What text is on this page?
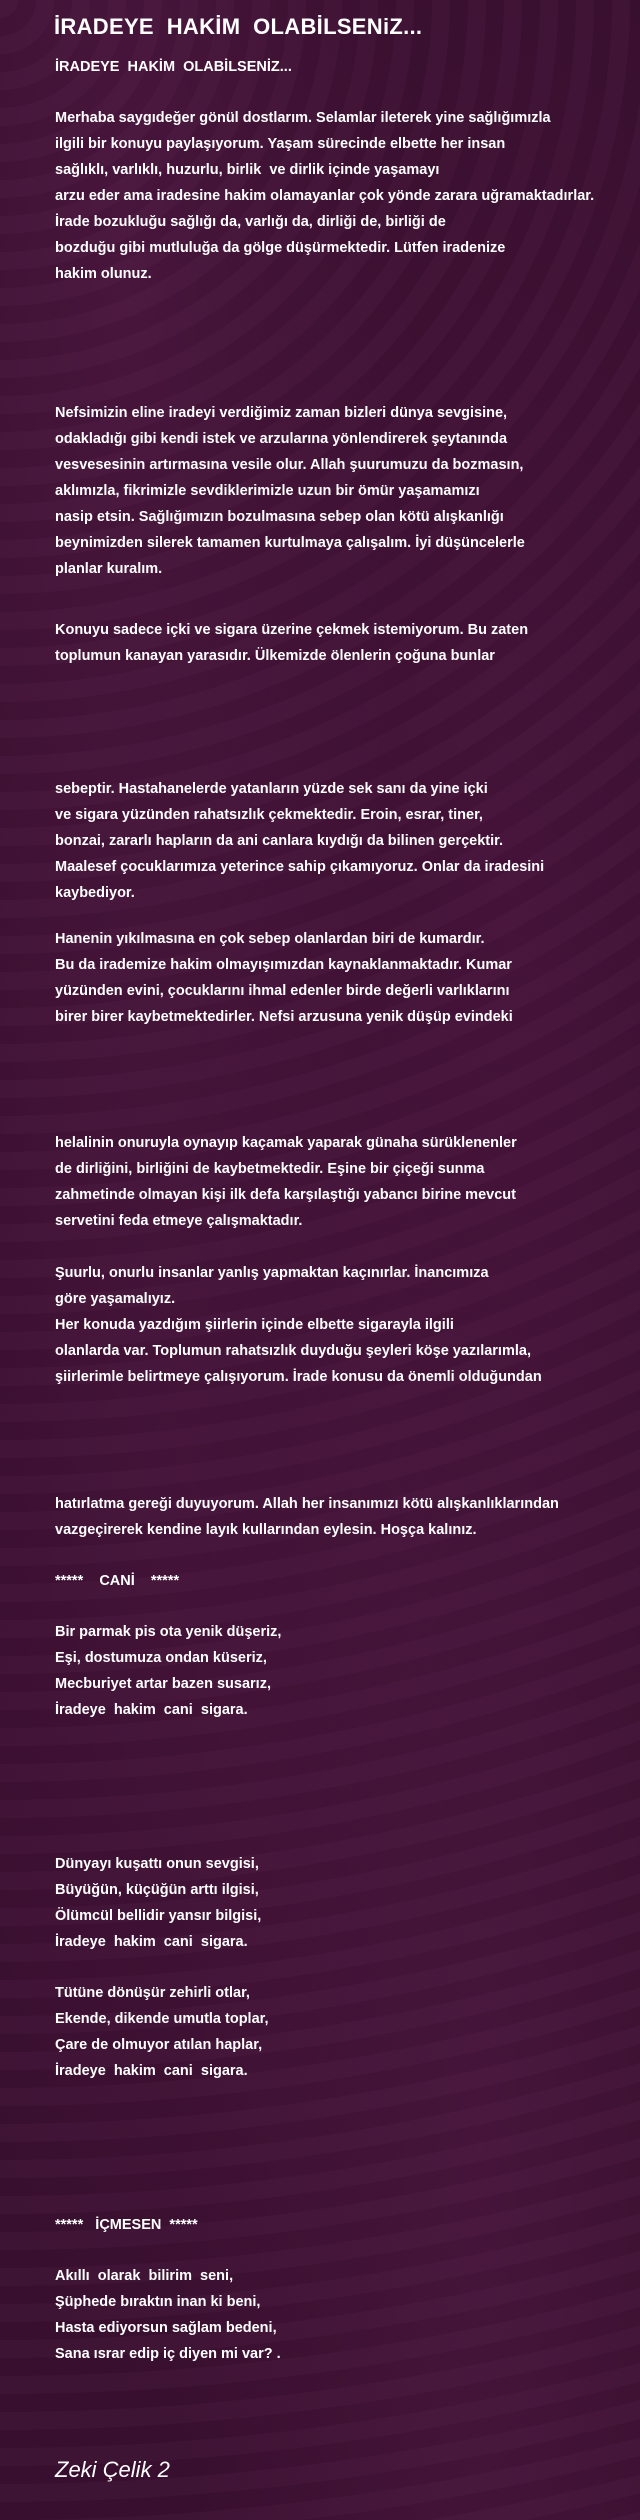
İRADEYE  HAKİM  OLABİLSENiZ...

İRADEYE  HAKİM  OLABİLSENİZ...

Merhaba saygıdeğer gönül dostlarım. Selamlar ileterek yine sağlığımızla

ilgili bir konuyu paylaşıyorum. Yaşam sürecinde elbette her insan

sağlıklı, varlıklı, huzurlu, birlik  ve dirlik içinde yaşamayı

arzu eder ama iradesine hakim olamayanlar çok yönde zarara uğramaktadırlar.

İrade bozukluğu sağlığı da, varlığı da, dirliği de, birliği de

bozduğu gibi mutluluğa da gölge düşürmektedir. Lütfen iradenize

hakim olunuz.

Nefsimizin eline iradeyi verdiğimiz zaman bizleri dünya sevgisine,

odakladığı gibi kendi istek ve arzularına yönlendirerek şeytanında

vesvesesinin artırmasına vesile olur. Allah şuurumuzu da bozmasın,

aklımızla, fikrimizle sevdiklerimizle uzun bir ömür yaşamamızı

nasip etsin. Sağlığımızın bozulmasına sebep olan kötü alışkanlığı

beynimizden silerek tamamen kurtulmaya çalışalım. İyi düşüncelerle

planlar kuralım.

Konuyu sadece içki ve sigara üzerine çekmek istemiyorum. Bu zaten

toplumun kanayan yarasıdır. Ülkemizde ölenlerin çoğuna bunlar

sebeptir. Hastahanelerde yatanların yüzde sek sanı da yine içki

ve sigara yüzünden rahatsızlık çekmektedir. Eroin, esrar, tiner,

bonzai, zararlı hapların da ani canlara kıydığı da bilinen gerçektir.

Maalesef çocuklarımıza yeterince sahip çıkamıyoruz. Onlar da iradesini

kaybediyor.

Hanenin yıkılmasına en çok sebep olanlardan biri de kumardır.

Bu da irademize hakim olmayışımızdan kaynaklanmaktadır. Kumar

yüzünden evini, çocuklarını ihmal edenler birde değerli varlıklarını

birer birer kaybetmektedirler. Nefsi arzusuna yenik düşüp evindeki

helalinin onuruyla oynayıp kaçamak yaparak günaha sürüklenenler

de dirliğini, birliğini de kaybetmektedir. Eşine bir çiçeği sunma

zahmetinde olmayan kişi ilk defa karşılaştığı yabancı birine mevcut

servetini feda etmeye çalışmaktadır.

Şuurlu, onurlu insanlar yanlış yapmaktan kaçınırlar. İnancımıza

göre yaşamalıyız.

Her konuda yazdığım şiirlerin içinde elbette sigarayla ilgili

olanlarda var. Toplumun rahatsızlık duyduğu şeyleri köşe yazılarımla,

şiirlerimle belirtmeye çalışıyorum. İrade konusu da önemli olduğundan

hatırlatma gereği duyuyorum. Allah her insanımızı kötü alışkanlıklarından

vazgeçirerek kendine layık kullarından eylesin. Hoşça kalınız.

*****    CANİ    *****

Bir parmak pis ota yenik düşeriz,

Eşi, dostumuza ondan küseriz,

Mecburiyet artar bazen susarız,

İradeye  hakim  cani  sigara.

Dünyayı kuşattı onun sevgisi,

Büyüğün, küçüğün arttı ilgisi,

Ölümcül bellidir yansır bilgisi,

İradeye  hakim  cani  sigara.

Tütüne dönüşür zehirli otlar,

Ekende, dikende umutla toplar,

Çare de olmuyor atılan haplar,

İradeye  hakim  cani  sigara.

*****   İÇMESEN  *****

Akıllı  olarak  bilirim  seni,

Şüphede bıraktın inan ki beni,

Hasta ediyorsun sağlam bedeni,

Sana ısrar edip iç diyen mi var? .

Zeki Çelik 2
